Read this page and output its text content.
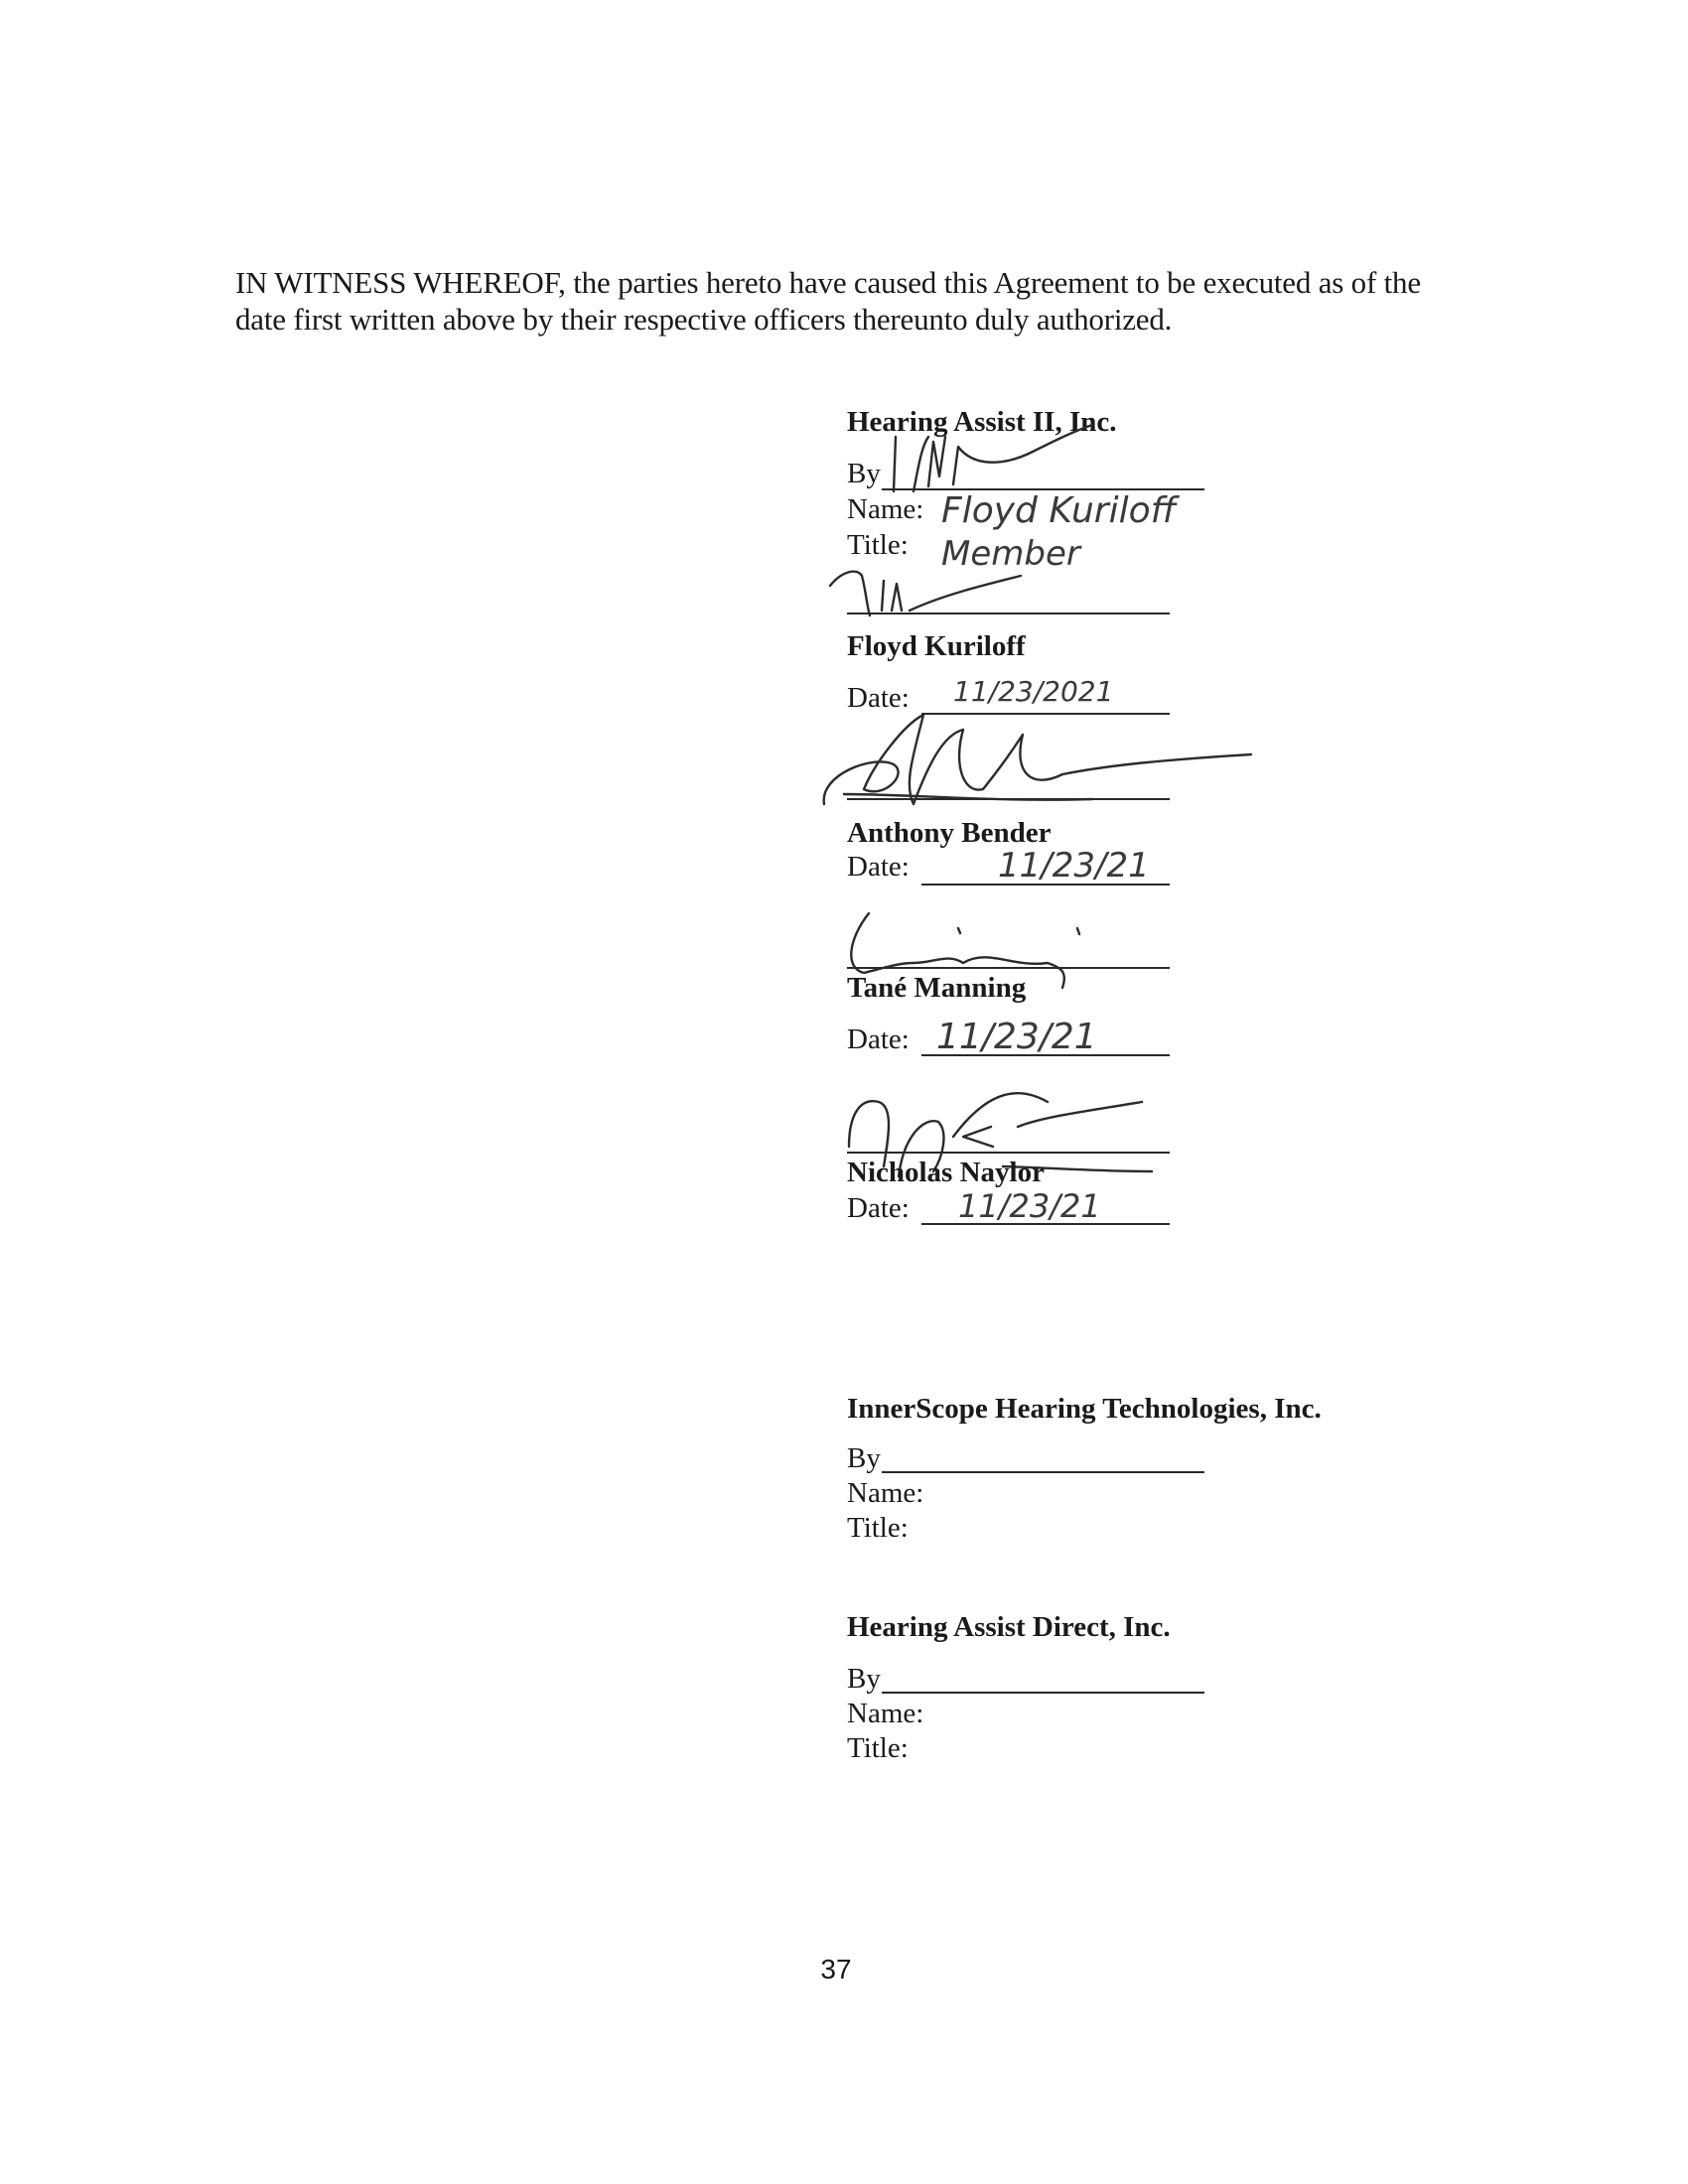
IN WITNESS WHEREOF, the parties hereto have caused this Agreement to be executed as of the date first written above by their respective officers thereunto duly authorized.
Hearing Assist II, Inc.
By
Name: Floyd Kuriloff
Title: Member
Floyd Kuriloff
Date: 11/23/2021
Anthony Bender
Date:	11/23/21
Tané Manning
Date: 11/23/21
Nicholas Naylor
Date: 11/23/21
InnerScope Hearing Technologies, Inc.
By
Name:
Title:
Hearing Assist Direct, Inc.
By
Name:
Title:
37
